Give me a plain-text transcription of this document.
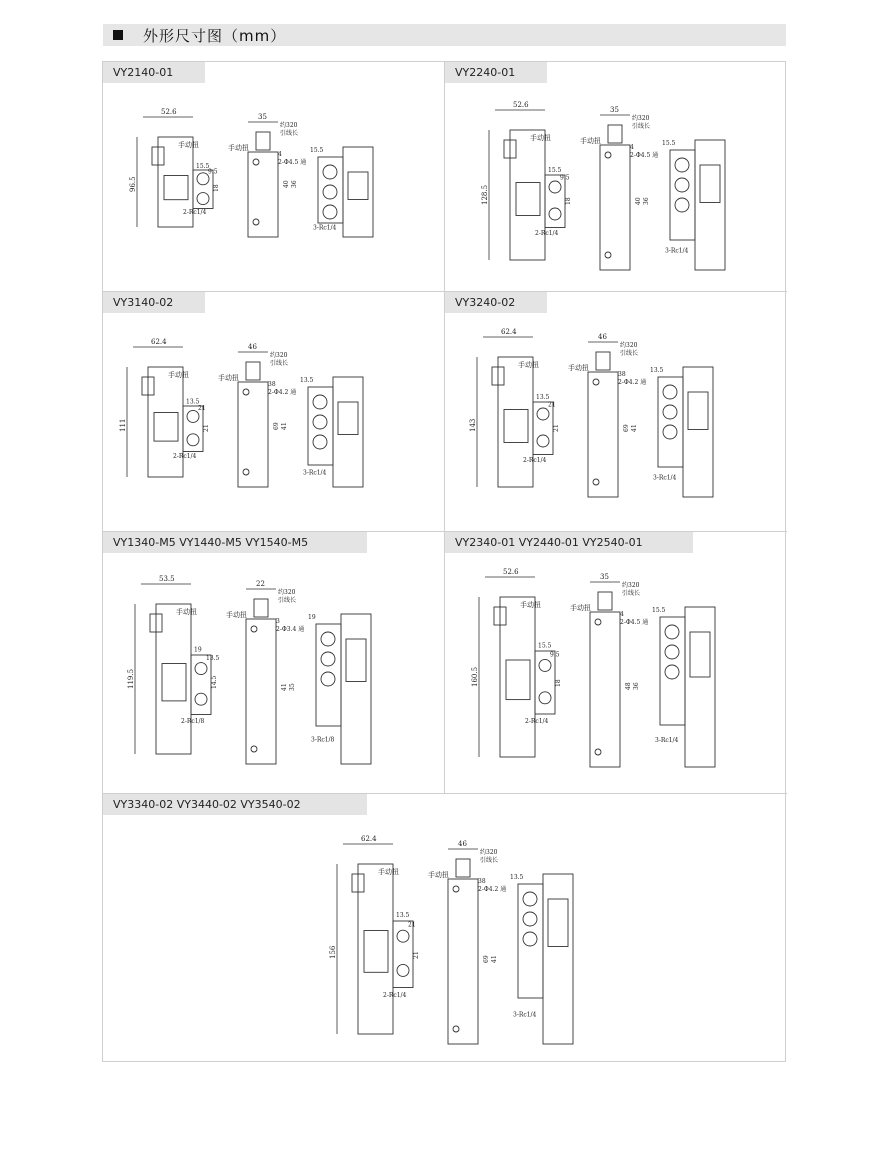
外形尺寸图（mm）
VY2140-01
52.6
96.5
15.5
9.5
18
2-Rc1/4
手动扭
35
约320
引线长
4
2-Φ4.5 通
40 36
手动扭
3-Rc1/4
15.5
VY2240-01
52.6
128.5
15.5
9.5
18
2-Rc1/4
手动扭
35
约320
引线长
4
2-Φ4.5 通
40 36
手动扭
3-Rc1/4
15.5
VY3140-02
62.4
111
13.5
21
21
2-Rc1/4
手动扭
46
约320
引线长
38
2-Φ4.2 通
69 41
手动扭
3-Rc1/4
13.5
VY3240-02
62.4
143
13.5
21
21
2-Rc1/4
手动扭
46
约320
引线长
38
2-Φ4.2 通
69 41
手动扭
3-Rc1/4
13.5
VY1340-M5 VY1440-M5 VY1540-M5
53.5
119.5
19
13.5
14.5
2-Rc1/8
手动扭
22
约320
引线长
3
2-Φ3.4 通
41 35
手动扭
3-Rc1/8
19
VY2340-01 VY2440-01 VY2540-01
52.6
160.5
15.5
9.5
18
2-Rc1/4
手动扭
35
约320
引线长
4
2-Φ4.5 通
48 36
手动扭
3-Rc1/4
15.5
VY3340-02 VY3440-02 VY3540-02
62.4
156
13.5
21
21
2-Rc1/4
手动扭
46
约320
引线长
38
2-Φ4.2 通
69 41
手动扭
3-Rc1/4
13.5
